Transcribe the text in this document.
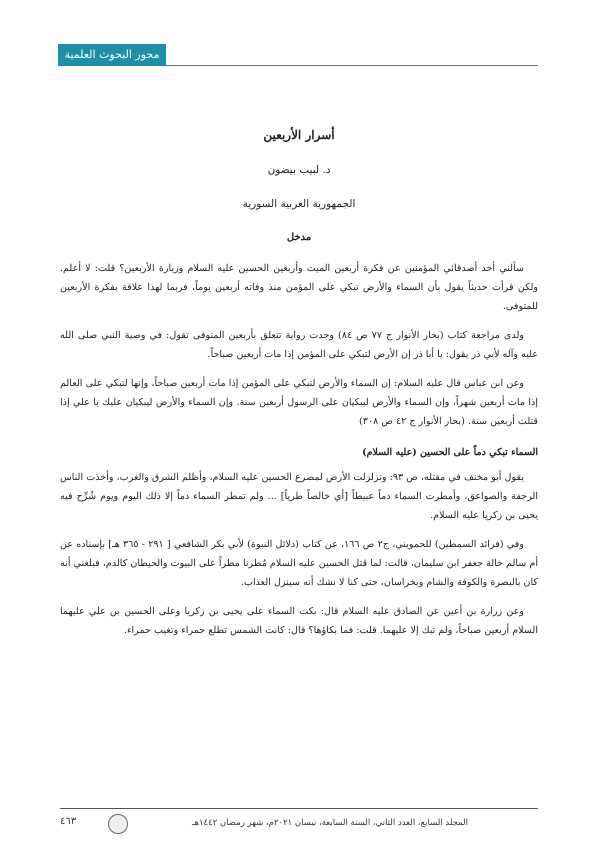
محور البحوث العلمية
أسرار الأربعين
د. لبيب بيضون
الجمهورية العربية السورية
مدخل

سألني أحد أصدقائي المؤمنين عن فكرة أربعين الميت وأربعين الحسين عليه السلام وزيارة الأربعين؟ قلت: لا أعلم. ولكن قرأت حديثاً يقول بأن السماء والأرض تبكي على المؤمن منذ وفاته أربعين يوماً، فربما لهذا علاقة بفكرة الأربعين للمتوفى.

ولدى مراجعة كتاب (بحار الأنوار ج ٧٧ ص ٨٤) وجدت رواية تتعلق بأربعين المتوفى تقول: في وصية النبي صلى الله عليه وآله لأبي ذر يقول: يا أبا ذر إن الأرض لتبكي على المؤمن إذا مات أربعين صباحاً.

وعن ابن عباس قال عليه السلام: إن السماء والأرض لتبكي على المؤمن إذا مات أربعين صباحاً، وإنها لتبكي على العالم إذا مات أربعين شهراً، وإن السماء والأرض ليبكيان على الرسول أربعين سنة. وإن السماء والأرض ليبكيان عليك يا علي إذا قتلت أربعين سنة. (بحار الأنوار ج ٤٢ ص ٣٠٨)

السماء تبكي دماً على الحسين (عليه السلام)

يقول أبو مخنف في مقتله، ص ٩٣: وتزلزلت الأرض لمصرع الحسين عليه السلام، وأظلم الشرق والغرب، وأخذت الناس الرجفة والصواعق، وأمطرت السماء دماً عبيطاً [أي خالصاً طرياً] ... ولم تمطر السماء دماً إلا ذلك اليوم ويوم شُرِّح فيه يحيى بن زكريا عليه السلام.

وفي (فرائد السمطين) للحمويني، ج٢ ص ١٦٦، عن كتاب (دلائل النبوة) لأبي بكر الشافعي [ ٢٩١ - ٣٦٥ هـ] بإسناده عن أم سالم خالة جعفر ابن سليمان، قالت: لما قتل الحسين عليه السلام مُطرنا مطراً على البيوت والحيطان كالدم، فبلغني أنه كان بالبصرة والكوفة والشام وبخراسان، حتى كنا لا نشك أنه سينزل العذاب.

وعن زرارة بن أعين عن الصادق عليه السلام قال: بكت السماء على يحيى بن زكريا وعلى الحسين بن علي عليهما السلام أربعين صباحاً، ولم تبك إلا عليهما. قلت: فما بكاؤها؟ قال: كانت الشمس تطلع حمراء وتغيب حمراء.

المجلد السابع، العدد الثاني، السنة السابعة، نيسان ٢٠٢١م، شهر رمضان ١٤٤٢هـ
٤٦٣
